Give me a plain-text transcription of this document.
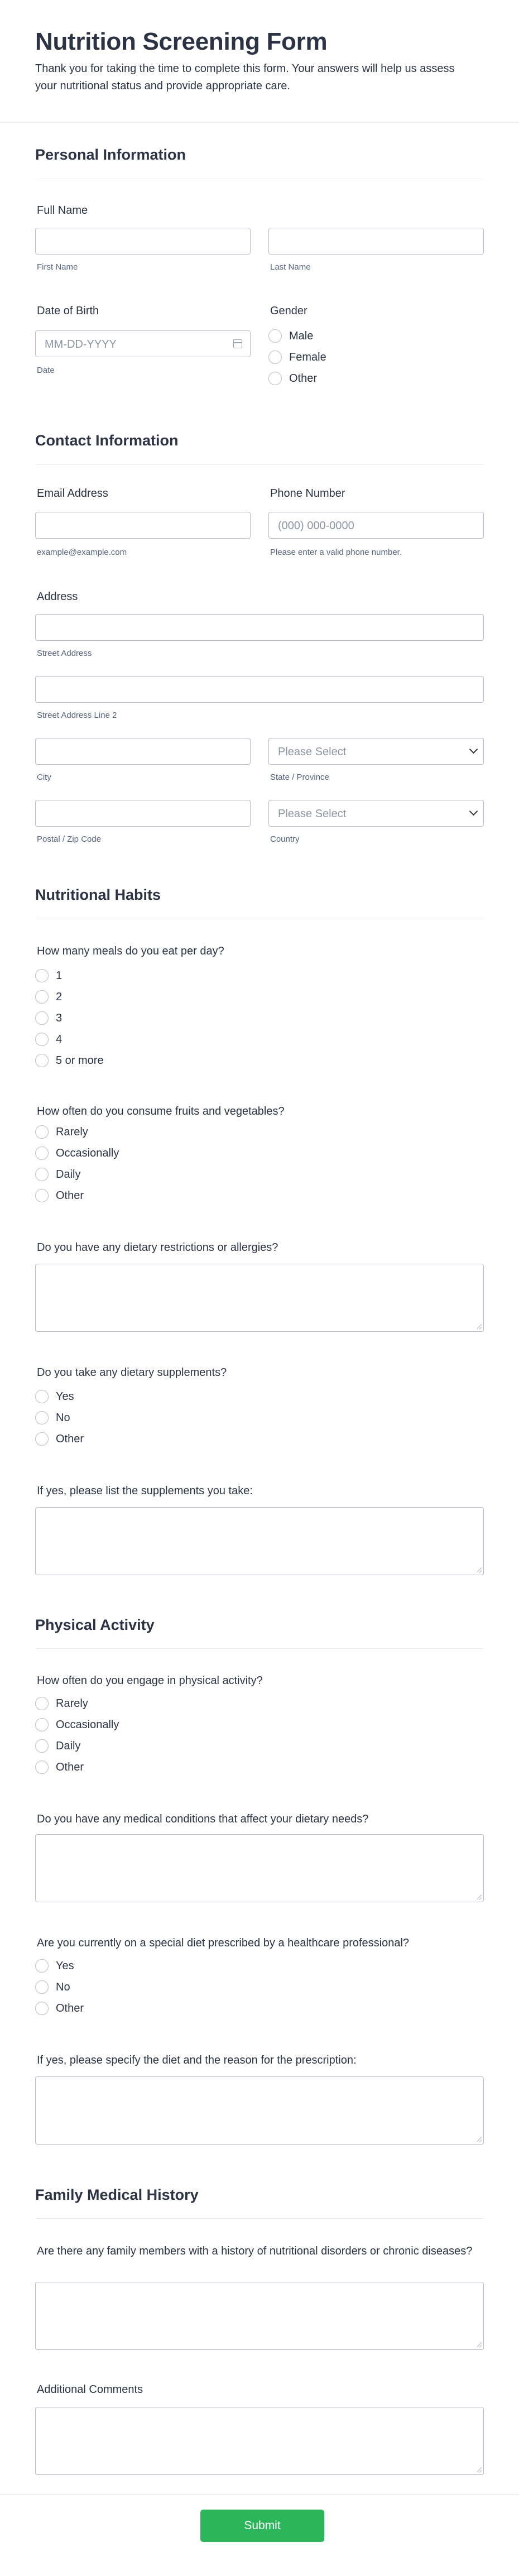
Nutrition Screening Form
Thank you for taking the time to complete this form. Your answers will help us assess your nutritional status and provide appropriate care.
Personal Information
Full Name
First Name	Last Name
Date of Birth
MM-DD-YYYY
Date
Gender
Male
Female
Other
Contact Information
Email Address
example@example.com
Phone Number
(000) 000-0000
Please enter a valid phone number.
Address
Street Address
Street Address Line 2
City
Please Select
State / Province
Postal / Zip Code
Please Select
Country
Nutritional Habits
How many meals do you eat per day?
1
2
3
4
5 or more
How often do you consume fruits and vegetables?
Rarely
Occasionally
Daily
Other
Do you have any dietary restrictions or allergies?
Do you take any dietary supplements?
Yes
No
Other
If yes, please list the supplements you take:
Physical Activity
How often do you engage in physical activity?
Rarely
Occasionally
Daily
Other
Do you have any medical conditions that affect your dietary needs?
Are you currently on a special diet prescribed by a healthcare professional?
Yes
No
Other
If yes, please specify the diet and the reason for the prescription:
Family Medical History
Are there any family members with a history of nutritional disorders or chronic diseases?
Additional Comments
Submit
